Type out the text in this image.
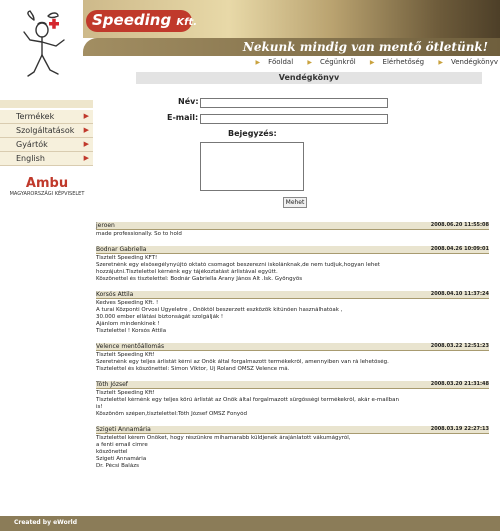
Termékek	▶
Szolgáltatások ▶
Gyártók	▶
English	▶
Ambu
MAGYARORSZÁGI KÉPVISELET
Speeding Kft.
Nekunk mindig van mentő ötletünk!
▶ Főoldal ▶ Cégünkről ▶ Elérhetőség ▶ Vendégkönyv
Vendégkönyv
Név:
E-mail:
Bejegyzés:
Mehet
jeroen	2008.06.20 11:55:08
made professionally. So to hold
Bodnar Gabriella	2008.04.26 10:09:01
Tisztelt Speeding KFT!
Szeretnénk egy elsősegélynyújtó oktató csomagot beszerezni iskolánknak,de nem tudjuk,hogyan lehet
hozzájutni.Tisztelettel kérnénk egy tájékoztatást árlistával együtt.
Köszönettel és tisztelettel: Bodnár Gabriella Arany János Ált .Isk. Gyöngyös
Korsós Attila	2008.04.10 11:37:24
Kedves Speeding Kft. !
A turai Központi Orvosi Ügyeletre , Önöktől beszerzett eszközök kitűnően használhatóak ,
30.000 ember ellátási biztonságát szolgálják !
Ajánlom mindenkinek !
Tisztelettel ! Korsós Attila
Velence mentőállomás	2008.03.22 12:51:23
Tisztelt Speeding Kft!
Szeretnénk egy teljes árlistát kérni az Önök által forgalmazott termékekről, amennyiben van rá lehetőség.
Tisztelettel és köszönettel: Simon Viktor, Uj Roland OMSZ Velence má.
Tóth József	2008.03.20 21:31:48
Tisztelt Speeding Kft!
Tisztelettel kérnénk egy teljes körű árlistát az Önök által forgalmazott sürgősségi termékekről, akár e-mailban
is!
Köszönöm szépen,tisztelettel:Tóth József OMSZ Fonyód
Szigeti Annamária	2008.03.19 22:27:13
Tisztelettel kérem Önöket, hogy részünkre mihamarabb küldjenek árajánlatott vákumágyról,
a fenti email cimre
köszönettel
Szigeti Annamária
Dr. Pécsi Balázs
Created by eWorld
